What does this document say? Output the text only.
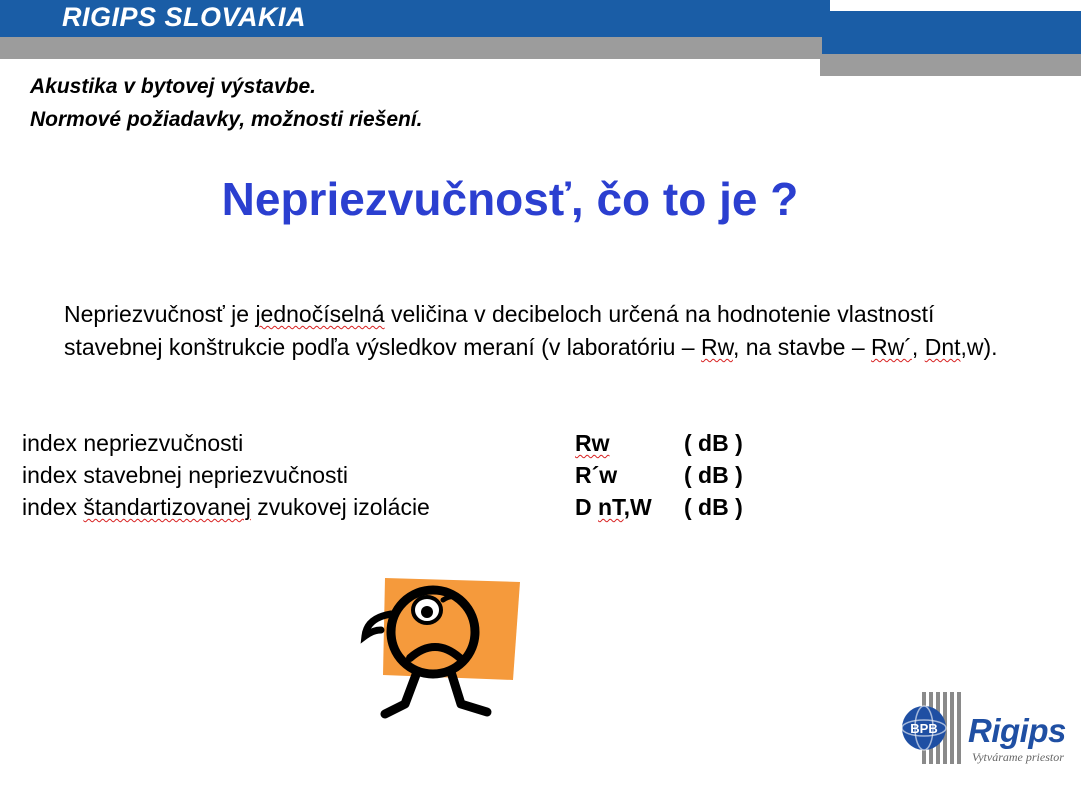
RIGIPS SLOVAKIA
Akustika v bytovej výstavbe.
Normové požiadavky, možnosti riešení.
Nepriezvučnosť, čo to je ?
Nepriezvučnosť je jednočíselná veličina v decibeloch určená na hodnotenie vlastností stavebnej konštrukcie podľa výsledkov meraní (v laboratóriu – Rw, na stavbe – Rw´, Dnt,w).
index nepriezvučnosti	Rw	( dB )
index stavebnej nepriezvučnosti	R´w	( dB )
index štandartizovanej zvukovej izolácie	D nT,W ( dB )
BPB Rigips
Vytvárame priestor
